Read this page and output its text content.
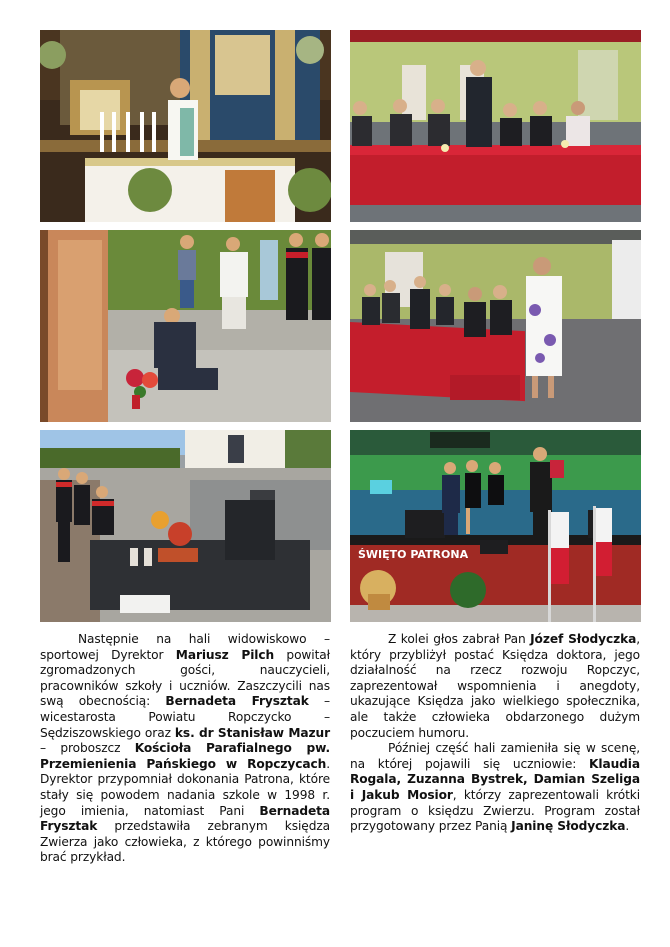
ŚWIĘTO PATRONA

Następnie na hali widowiskowo – sportowej Dyrektor Mariusz Pilch powitał zgromadzonych gości, nauczycieli, pracowników szkoły i uczniów. Zaszczycili nas swą obecnością: Bernadeta Frysztak – wicestarosta Powiatu Ropczycko – Sędziszowskiego oraz ks. dr Stanisław Mazur – proboszcz Kościoła Parafialnego pw. Przemienienia Pańskiego w Ropczycach. Dyrektor przypomniał dokonania Patrona, które stały się powodem nadania szkole w 1998 r. jego imienia, natomiast Pani Bernadeta Frysztak przedstawiła zebranym księdza Zwierza jako człowieka, z którego powinniśmy brać przykład.

Z kolei głos zabrał Pan Józef Słodyczka, który przybliżył postać Księdza doktora, jego działalność na rzecz rozwoju Ropczyc, zaprezentował wspomnienia i anegdoty, ukazujące Księdza jako wielkiego społecznika, ale także człowieka obdarzonego dużym poczuciem humoru.

Później część hali zamieniła się w scenę, na której pojawili się uczniowie: Klaudia Rogala, Zuzanna Bystrek, Damian Szeliga i Jakub Mosior, którzy zaprezentowali krótki program o księdzu Zwierzu. Program został przygotowany przez Panią Janinę Słodyczka.
